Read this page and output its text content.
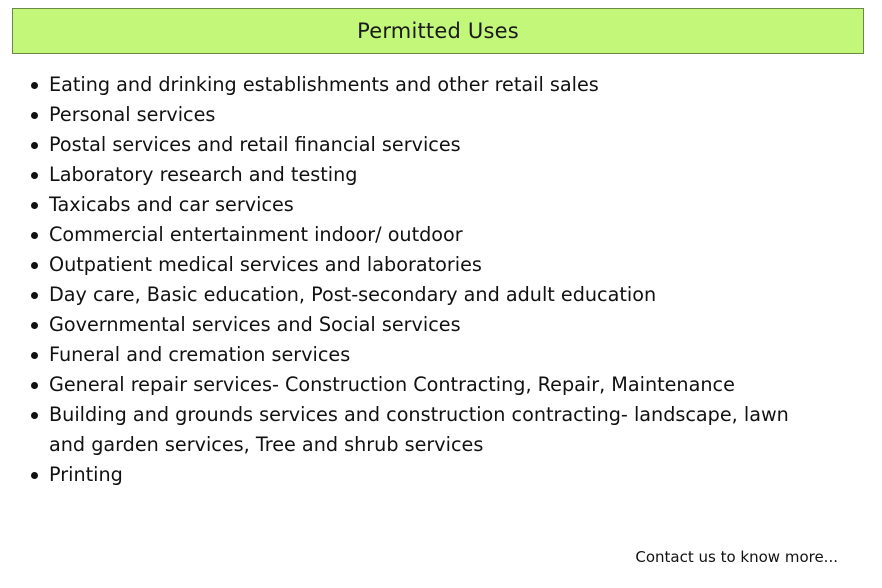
Permitted Uses
Eating and drinking establishments and other retail sales
Personal services
Postal services and retail financial services
Laboratory research and testing
Taxicabs and car services
Commercial entertainment indoor/ outdoor
Outpatient medical services and laboratories
Day care, Basic education, Post-secondary and adult education
Governmental services and Social services
Funeral and cremation services
General repair services- Construction Contracting, Repair, Maintenance
Building and grounds services and construction contracting- landscape, lawn and garden services, Tree and shrub services
Printing
Contact us to know more...
